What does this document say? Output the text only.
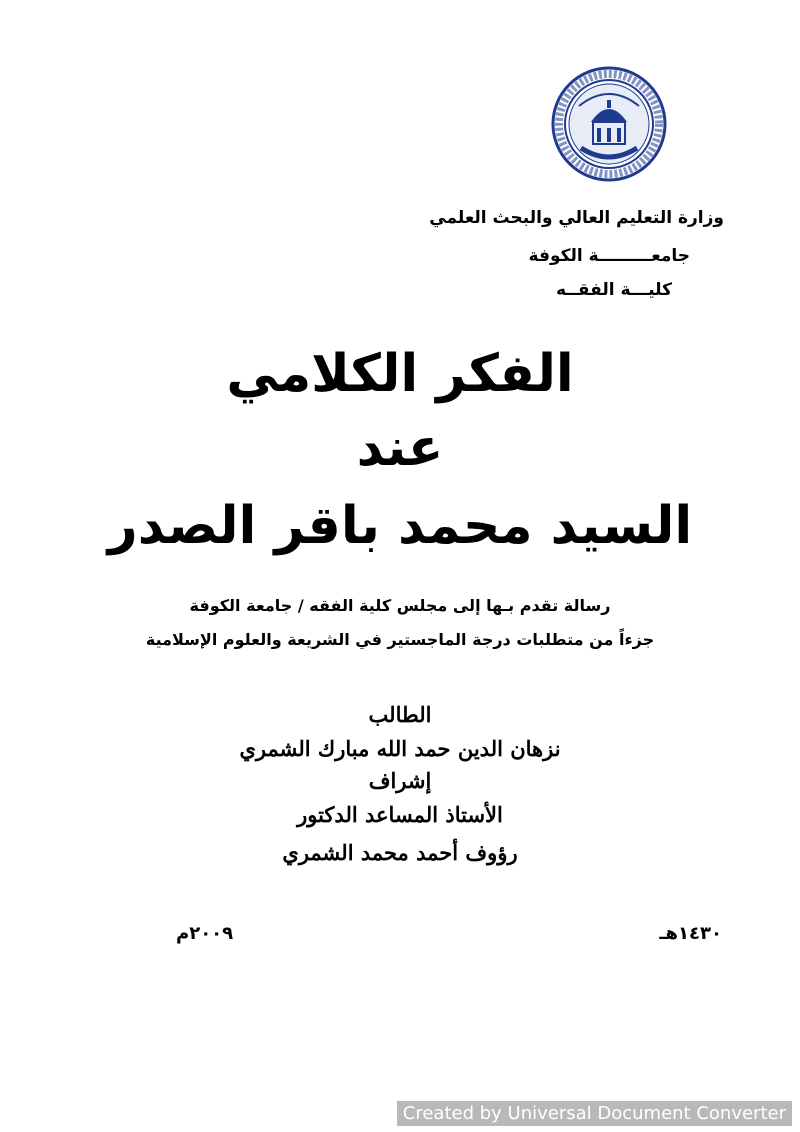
وزارة التعليم العالي والبحث العلمي
جامعـــــــــة الكوفة
كليـــة الفقــه
الفكر الكلامي
عند
السيد محمد باقر الصدر
رسالة تقدم بـها إلى مجلس كلية الفقه / جامعة الكوفة
جزءاً من متطلبات درجة الماجستير في الشريعة والعلوم الإسلامية
الطالب
نزهان الدين حمد الله مبارك الشمري
إشراف
الأستاذ المساعد الدكتور
رؤوف أحمد محمد الشمري
١٤٣٠هـ
٢٠٠٩م
Created by Universal Document Converter
